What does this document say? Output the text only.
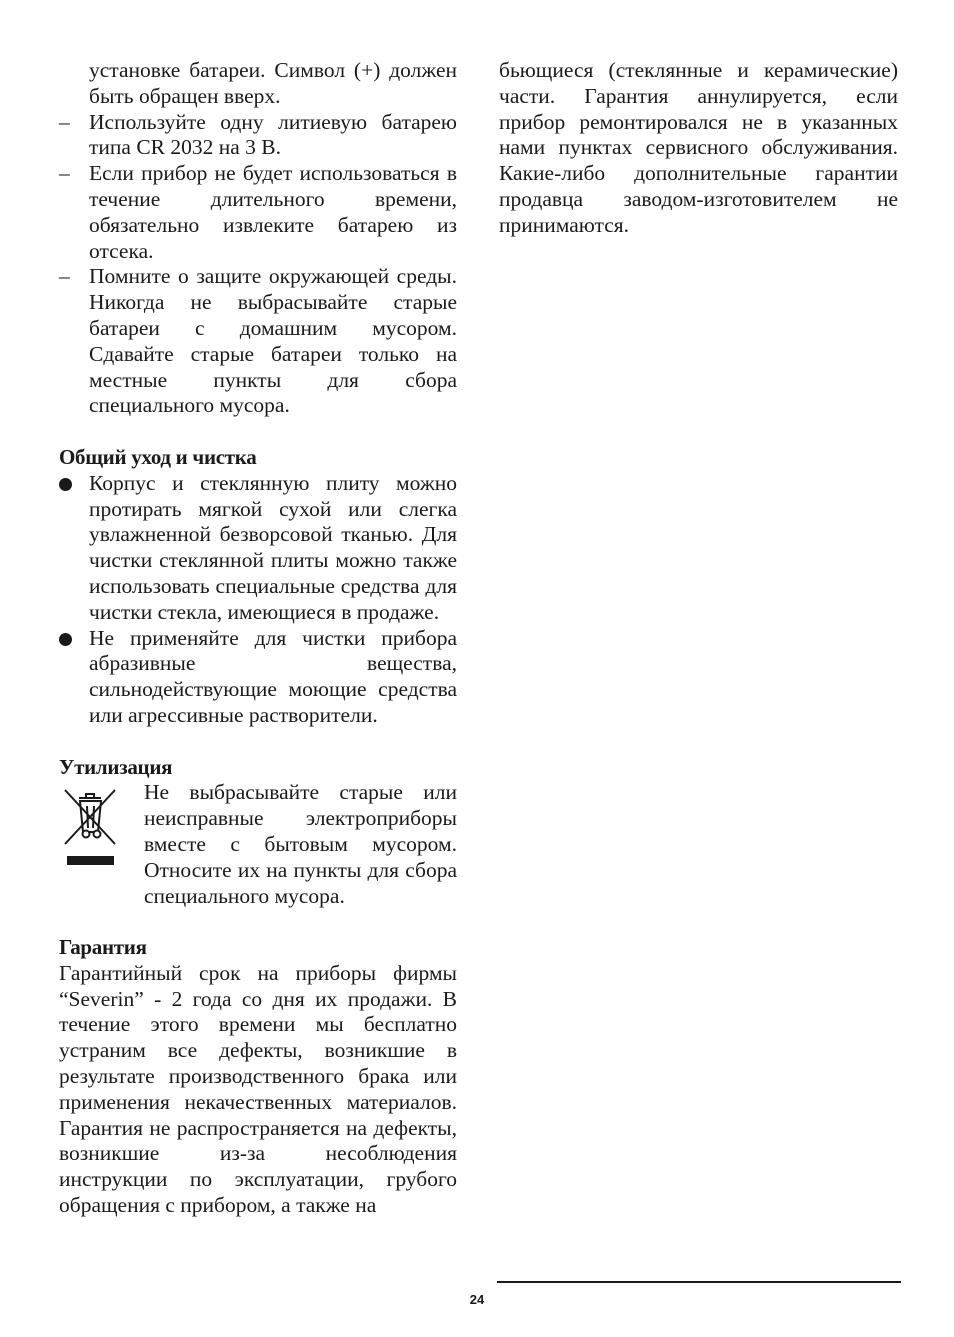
установке батареи. Символ (+) должен быть обращен вверх.

– Используйте одну литиевую батарею типа CR 2032 на 3 В.
– Если прибор не будет использоваться в течение длительного времени, обязательно извлеките батарею из отсека.
– Помните о защите окружающей среды. Никогда не выбрасывайте старые батареи с домашним мусором. Сдавайте старые батареи только на местные пункты для сбора специального мусора.
Общий уход и чистка
Корпус и стеклянную плиту можно протирать мягкой сухой или слегка увлажненной безворсовой тканью. Для чистки стеклянной плиты можно также использовать специальные средства для чистки стекла, имеющиеся в продаже.
Не применяйте для чистки прибора абразивные вещества, сильнодействующие моющие средства или агрессивные растворители.
Утилизация

Не выбрасывайте старые или неисправные электроприборы вместе с бытовым мусором. Относите их на пункты для сбора специального мусора.

Гарантия

Гарантийный срок на приборы фирмы “Severin” - 2 года со дня их продажи. В течение этого времени мы бесплатно устраним все дефекты, возникшие в результате производственного брака или применения некачественных материалов. Гарантия не распространяется на дефекты, возникшие из-за несоблюдения инструкции по эксплуатации, грубого обращения с прибором, а также на

бьющиеся (стеклянные и керамические) части. Гарантия аннулируется, если прибор ремонтировался не в указанных нами пунктах сервисного обслуживания. Какие-либо дополнительные гарантии продавца заводом-изготовителем не принимаются.

24
